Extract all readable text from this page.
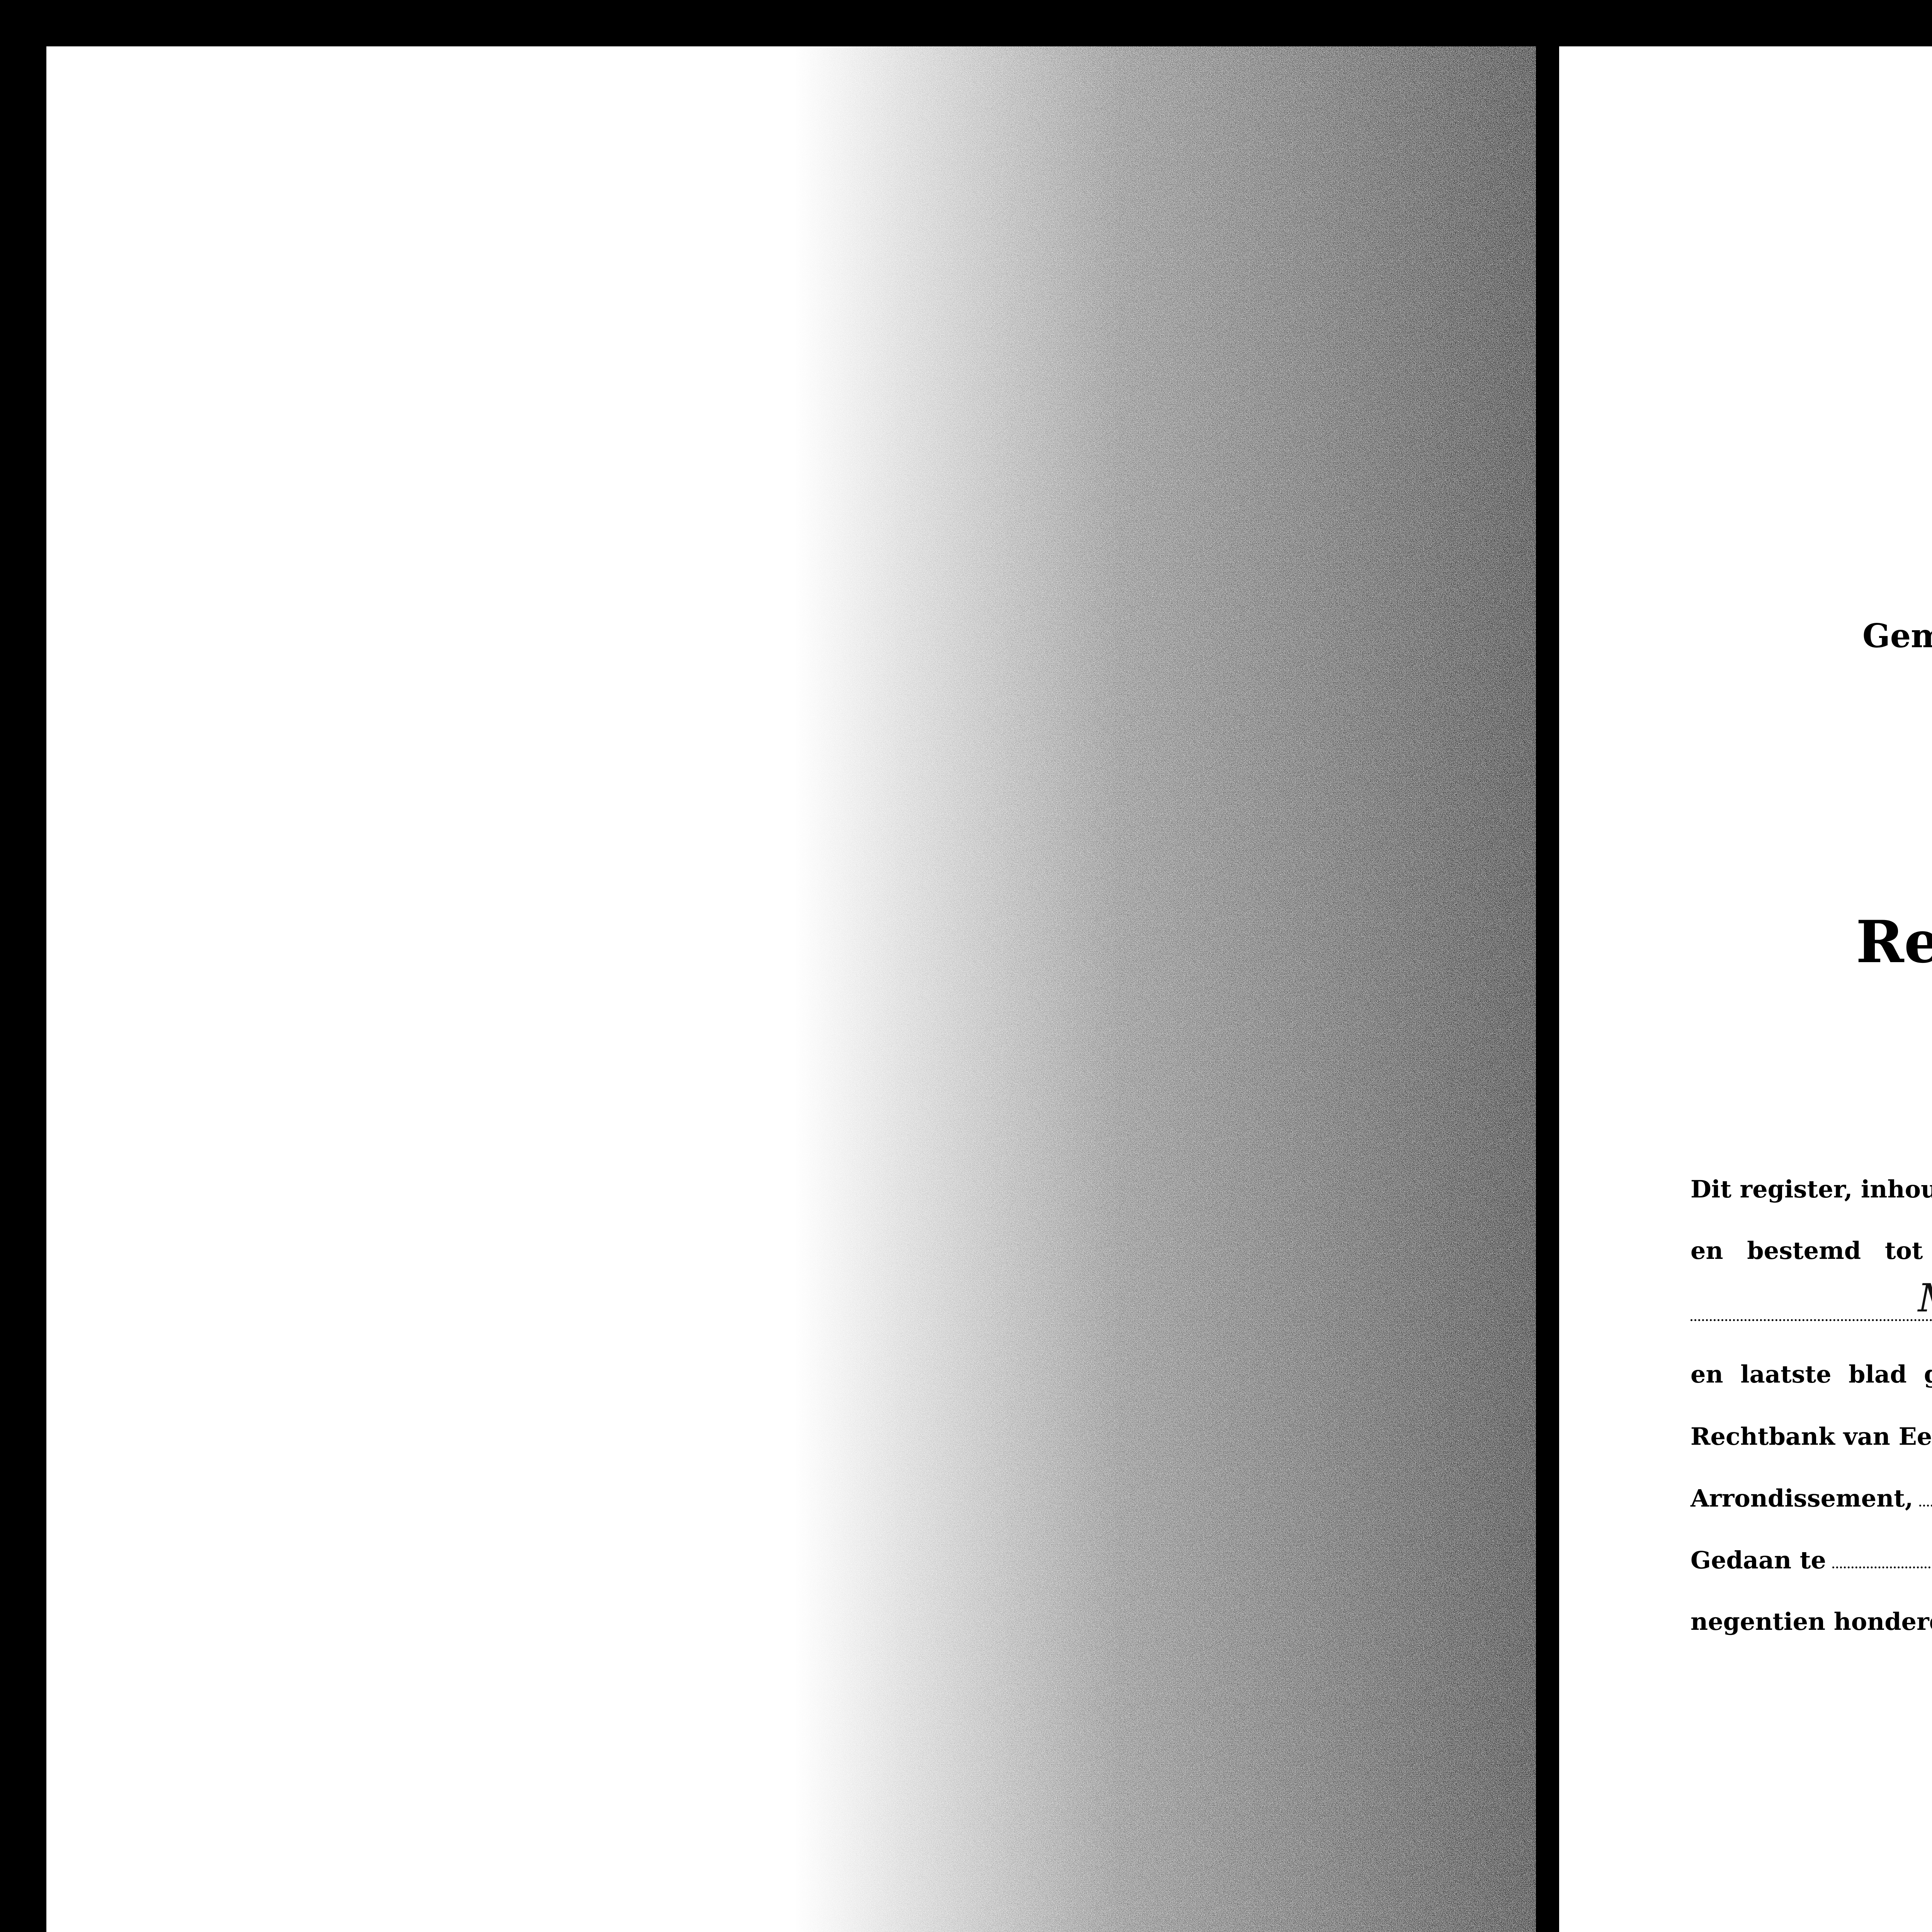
Gem
Re
Dit register, inhou
en bestemd tot
en laatste blad
Rechtbank van Ee
Arrondissement,
Gedaan te
negentien honder
